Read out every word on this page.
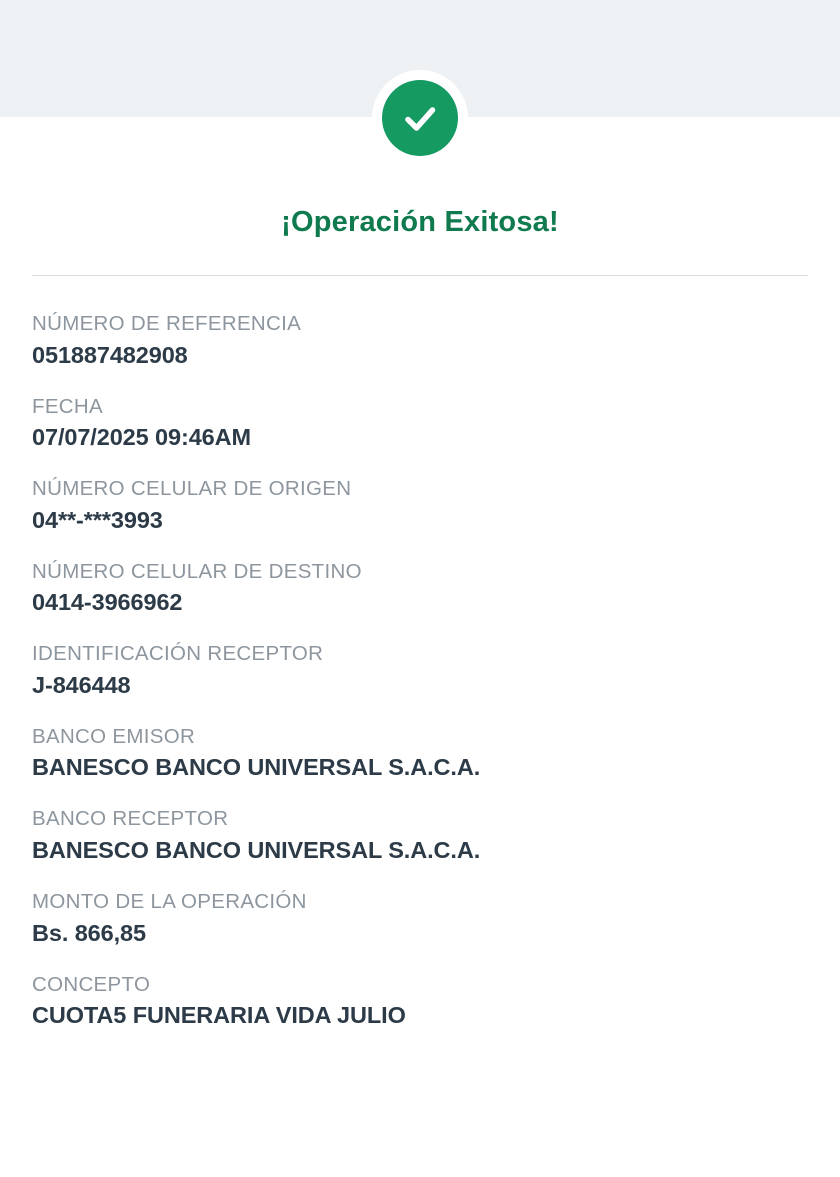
¡Operación Exitosa!
NÚMERO DE REFERENCIA
051887482908
FECHA
07/07/2025 09:46AM
NÚMERO CELULAR DE ORIGEN
04**-***3993
NÚMERO CELULAR DE DESTINO
0414-3966962
IDENTIFICACIÓN RECEPTOR
J-846448
BANCO EMISOR
BANESCO BANCO UNIVERSAL S.A.C.A.
BANCO RECEPTOR
BANESCO BANCO UNIVERSAL S.A.C.A.
MONTO DE LA OPERACIÓN
Bs. 866,85
CONCEPTO
CUOTA5 FUNERARIA VIDA JULIO
